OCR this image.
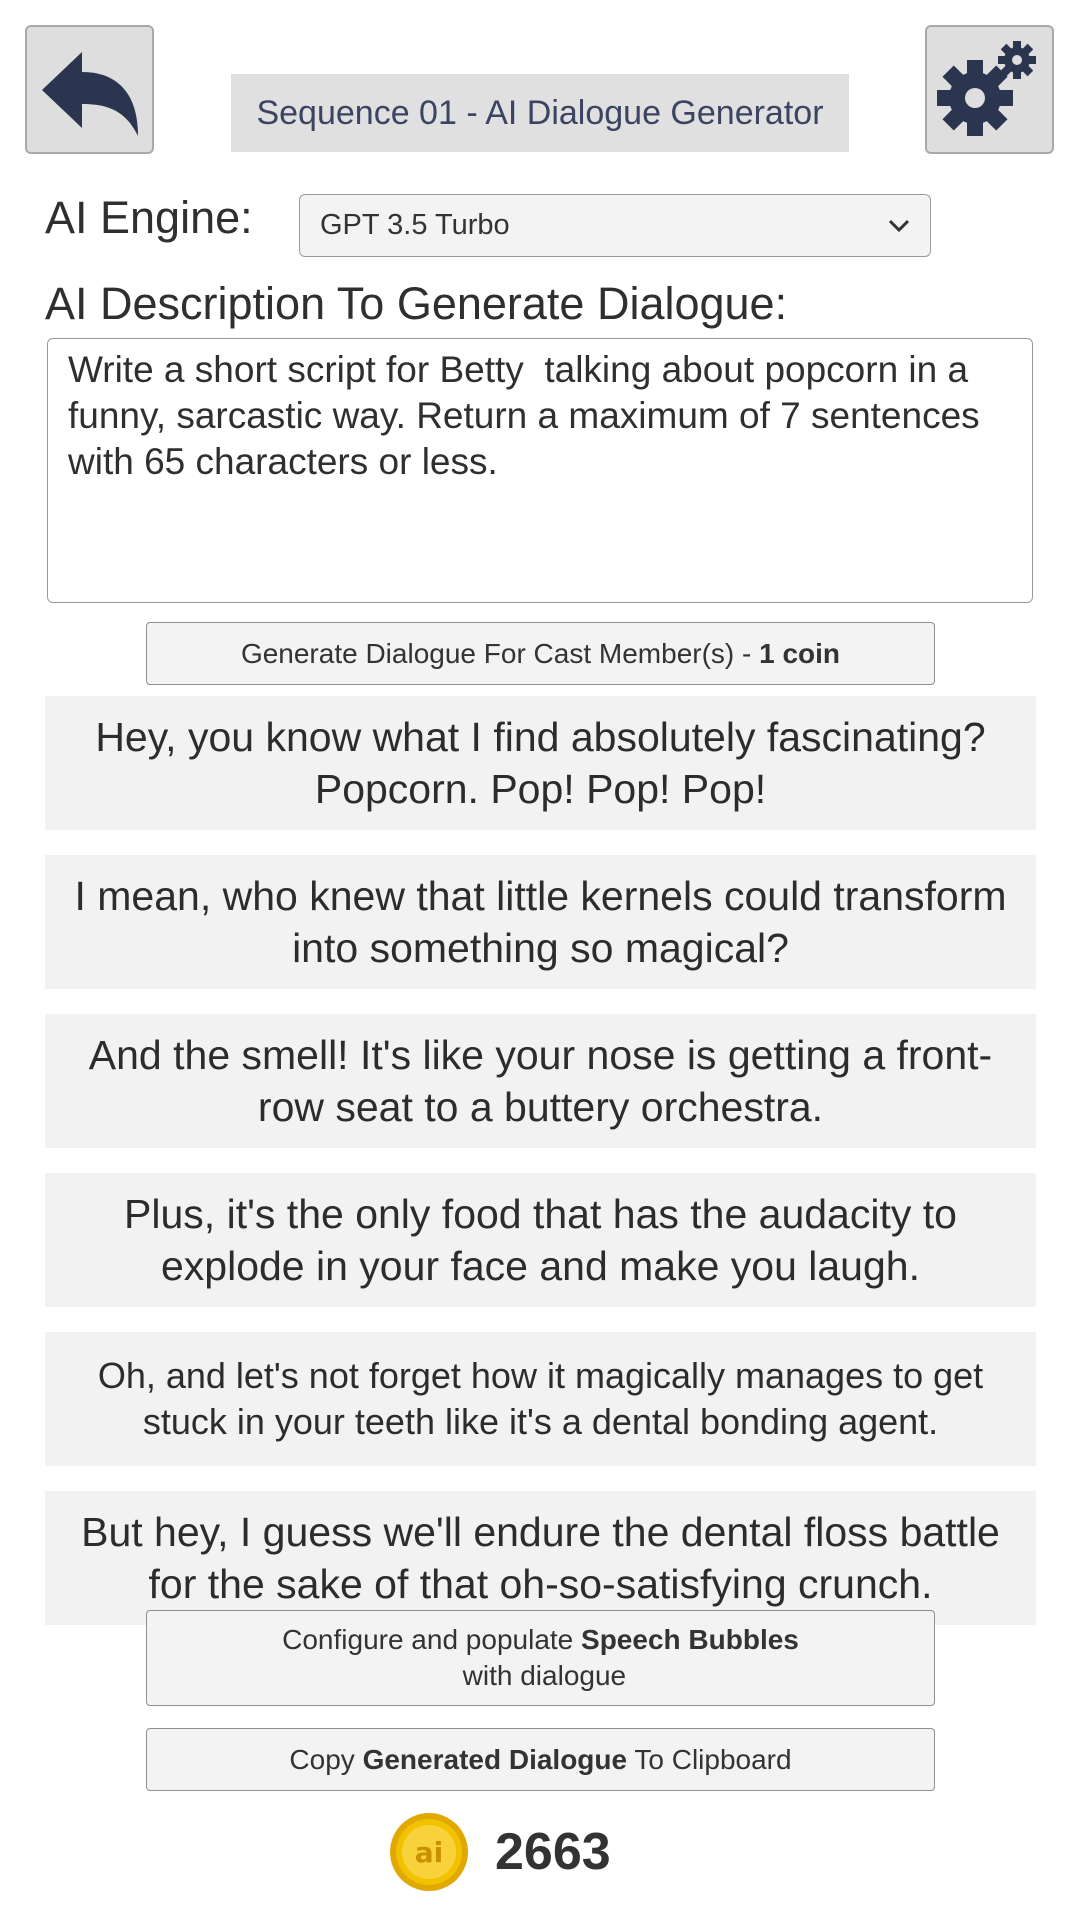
Sequence 01 - AI Dialogue Generator
AI Engine: GPT 3.5 Turbo
AI Description To Generate Dialogue:
Write a short script for Betty  talking about popcorn in a funny, sarcastic way. Return a maximum of 7 sentences with 65 characters or less.
Generate Dialogue For Cast Member(s) - 1 coin
Hey, you know what I find absolutely fascinating? Popcorn. Pop! Pop! Pop!
I mean, who knew that little kernels could transform into something so magical?
And the smell! It's like your nose is getting a front-row seat to a buttery orchestra.
Plus, it's the only food that has the audacity to explode in your face and make you laugh.
Oh, and let's not forget how it magically manages to get stuck in your teeth like it's a dental bonding agent.
But hey, I guess we'll endure the dental floss battle for the sake of that oh-so-satisfying crunch.
Configure and populate Speech Bubbles with dialogue
Copy Generated Dialogue To Clipboard
ai 2663
